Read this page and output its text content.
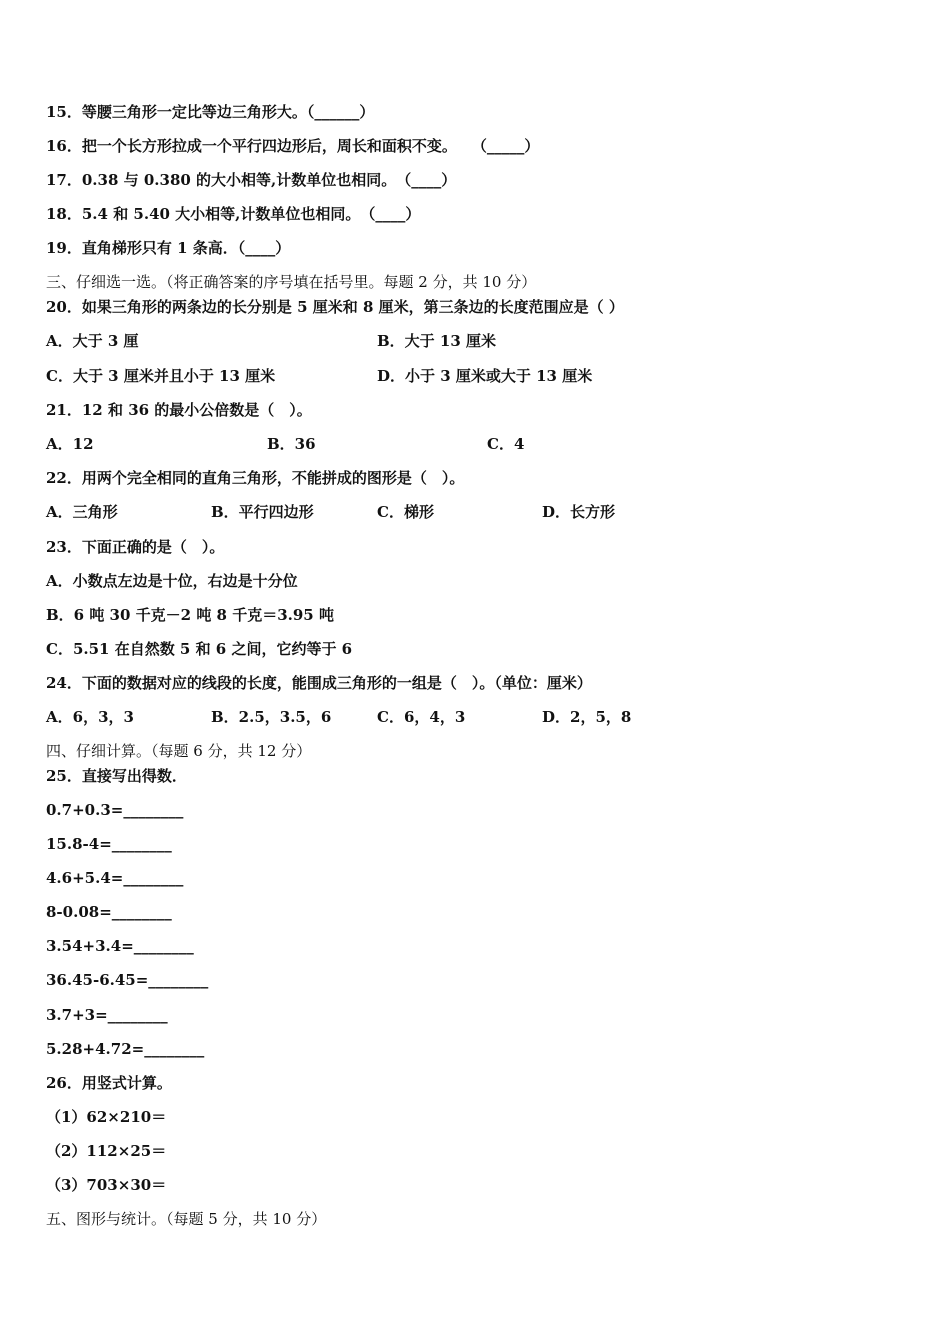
15．等腰三角形一定比等边三角形大。（______）
16．把一个长方形拉成一个平行四边形后，周长和面积不变。　　（_____）
17．0.38 与 0.380 的大小相等,计数单位也相同。　（____）
18．5.4 和 5.40 大小相等,计数单位也相同。　（____）
19．直角梯形只有 1 条高．（____）
三、仔细选一选。（将正确答案的序号填在括号里。每题 2 分，共 10 分）
20．如果三角形的两条边的长分别是 5 厘米和 8 厘米，第三条边的长度范围应是（ ）
A．大于 3 厘	B．大于 13 厘米
C．大于 3 厘米并且小于 13 厘米	D．小于 3 厘米或大于 13 厘米
21．12 和 36 的最小公倍数是（　）。
A．12	B．36	C．4
22．用两个完全相同的直角三角形，不能拼成的图形是（　）。
A．三角形	B．平行四边形	C．梯形	D．长方形
23．下面正确的是（　）。
A．小数点左边是十位，右边是十分位
B．6 吨 30 千克－2 吨 8 千克＝3.95 吨
C．5.51 在自然数 5 和 6 之间，它约等于 6
24．下面的数据对应的线段的长度，能围成三角形的一组是（　）。（单位：厘米）
A．6，3，3	B．2.5，3.5，6	C．6，4，3	D．2，5，8
四、仔细计算。（每题 6 分，共 12 分）
25．直接写出得数．
0.7+0.3=________
15.8-4=________
4.6+5.4=________
8-0.08=________
3.54+3.4=________
36.45-6.45=________
3.7+3=________
5.28+4.72=________
26．用竖式计算。
（1）62×210＝
（2）112×25＝
（3）703×30＝
五、图形与统计。（每题 5 分，共 10 分）
